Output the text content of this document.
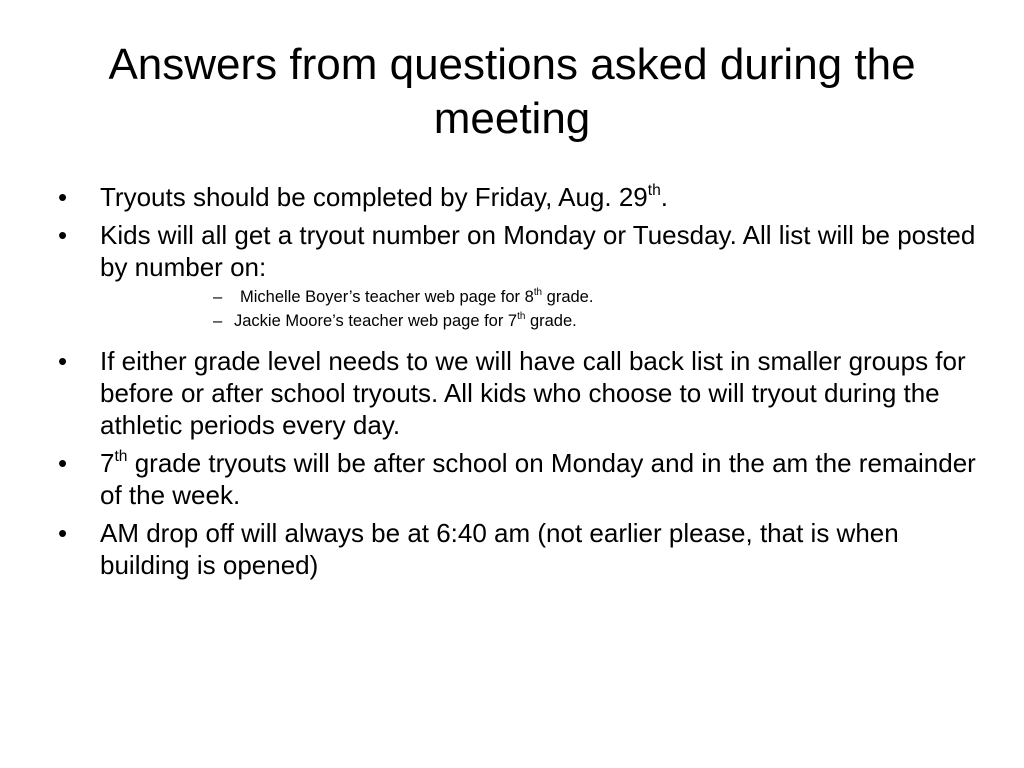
Answers from questions asked during the meeting
•	Tryouts should be completed by Friday, Aug. 29th.
•	Kids will all get a tryout number on Monday or Tuesday. All list will be posted by number on:
–	Michelle Boyer’s teacher web page for 8th grade.
– Jackie Moore’s teacher web page for 7th grade.
•	If either grade level needs to we will have call back list in smaller groups for before or after school tryouts. All kids who choose to will tryout during the athletic periods every day.
•	7th grade tryouts will be after school on Monday and in the am the remainder of the week.
•	AM drop off will always be at 6:40 am (not earlier please, that is when building is opened)
